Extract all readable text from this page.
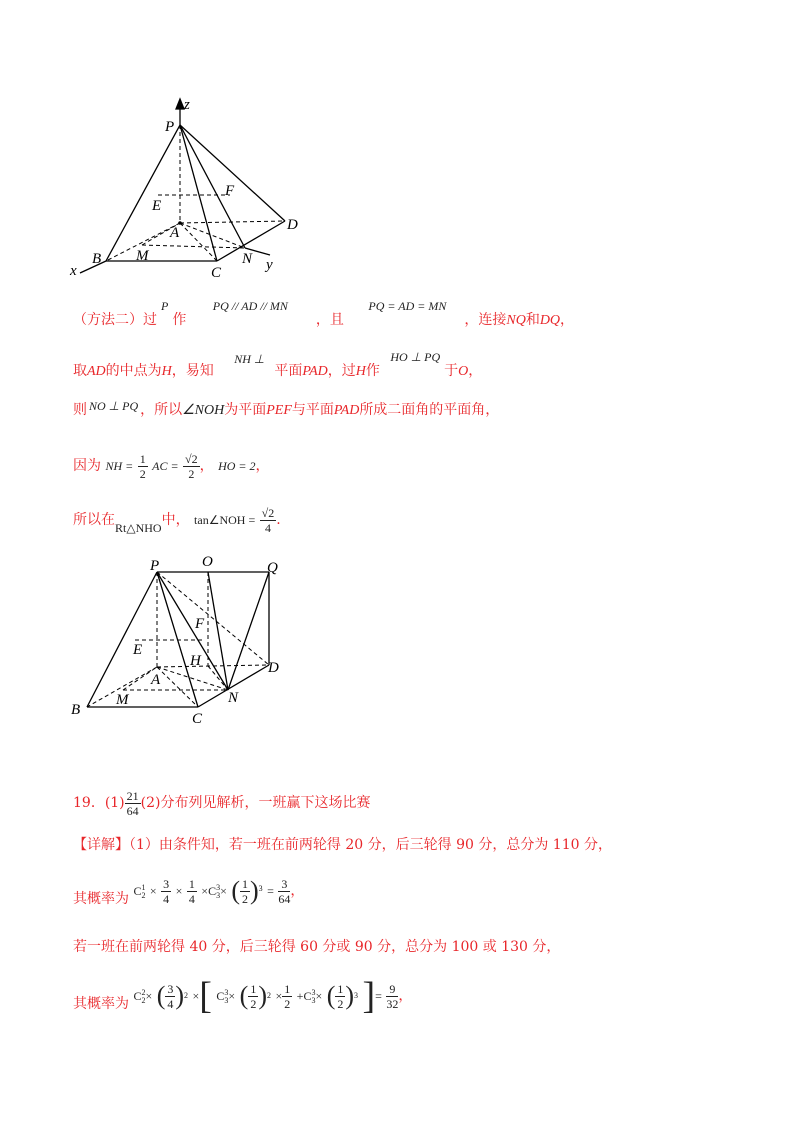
z
P
F
E
D
A
B M	N
C
x	y
（方法二）过P作 PQ // AD // MN，且 PQ = AD = MN，连接NQ和DQ，
取AD的中点为H，易知 NH ⊥平面PAD，过H作 HO ⊥ PQ于O，
则 NO ⊥ PQ ，所以∠NOH为平面PEF与平面PAD所成二面角的平面角，
因为 NH = $\frac{1}{2}$ AC = $\frac{√2}{2}$ ， HO = 2，
所以在Rt△NHO中， tan∠NOH = $\frac{√2}{4}$ .
P	O	Q
F
E
H	D
A
B
M	N
C
19．$(1) \frac{21}{64} (2)$分布列见解析，一班赢下这场比赛
【详解】（1）由条件知，若一班在前两轮得 20 分，后三轮得 90 分，总分为 110 分，
其概率为 C 1
$2 \times \frac{3}{4} \times \frac{1}{4} \times C$ 3
3 × ( $\frac{1}{2} )^3 = \frac{3}{64}$ ，
若一班在前两轮得 40 分，后三轮得 60 分或 90 分，总分为 100 或 130 分，
其概率为 C 2
2 × ( $\frac{3}{4} )^2$ ×[ C 3
3 × ( $\frac{1}{2} )^2 \times \frac{1}{2} +C$ 3
3 × ( $\frac{1}{2} )^3$ ]= $\frac{9}{32}$ ，
